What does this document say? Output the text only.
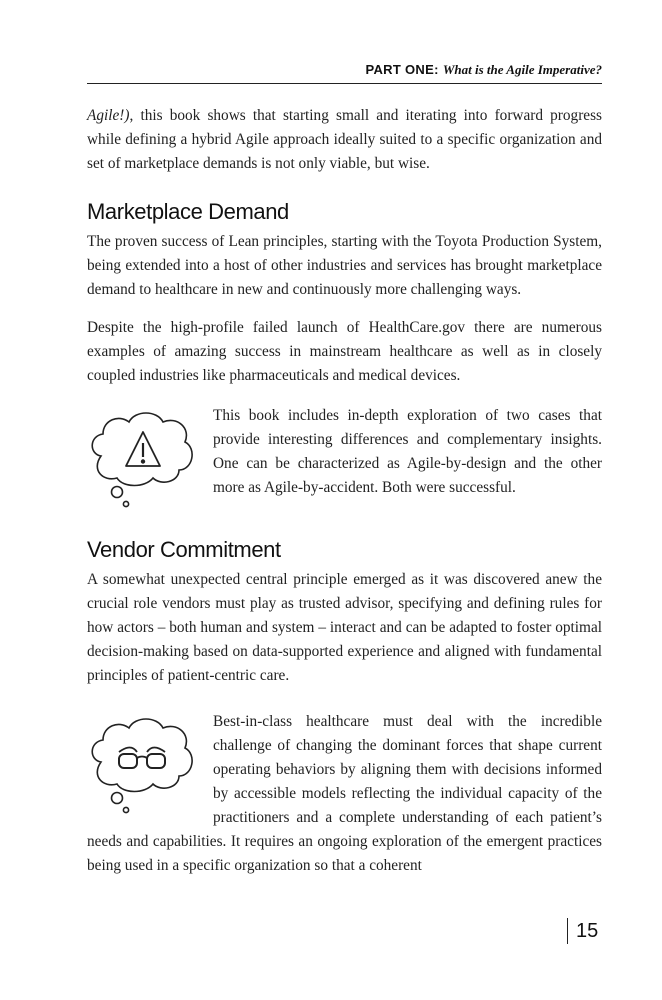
PART ONE: What is the Agile Imperative?

Agile!), this book shows that starting small and iterating into forward progress while defining a hybrid Agile approach ideally suited to a specific organization and set of marketplace demands is not only viable, but wise.

Marketplace Demand

The proven success of Lean principles, starting with the Toyota Production System, being extended into a host of other industries and services has brought marketplace demand to healthcare in new and continuously more challenging ways.

Despite the high-profile failed launch of HealthCare.gov there are numerous examples of amazing success in mainstream healthcare as well as in closely coupled industries like pharmaceuticals and medical devices.

This book includes in-depth exploration of two cases that provide interesting differences and complementary insights. One can be characterized as Agile-by-design and the other more as Agile-by-accident. Both were successful.

Vendor Commitment

A somewhat unexpected central principle emerged as it was discovered anew the crucial role vendors must play as trusted advisor, specifying and defining rules for how actors – both human and system – interact and can be adapted to foster optimal decision-making based on data-supported experience and aligned with fundamental principles of patient-centric care.

Best-in-class healthcare must deal with the incredible challenge of changing the dominant forces that shape current operating behaviors by aligning them with decisions informed by accessible models reflecting the individual capacity of the practitioners and a complete understanding of each patient’s needs and capabilities. It requires an ongoing exploration of the emergent practices being used in a specific organization so that a coherent

15
